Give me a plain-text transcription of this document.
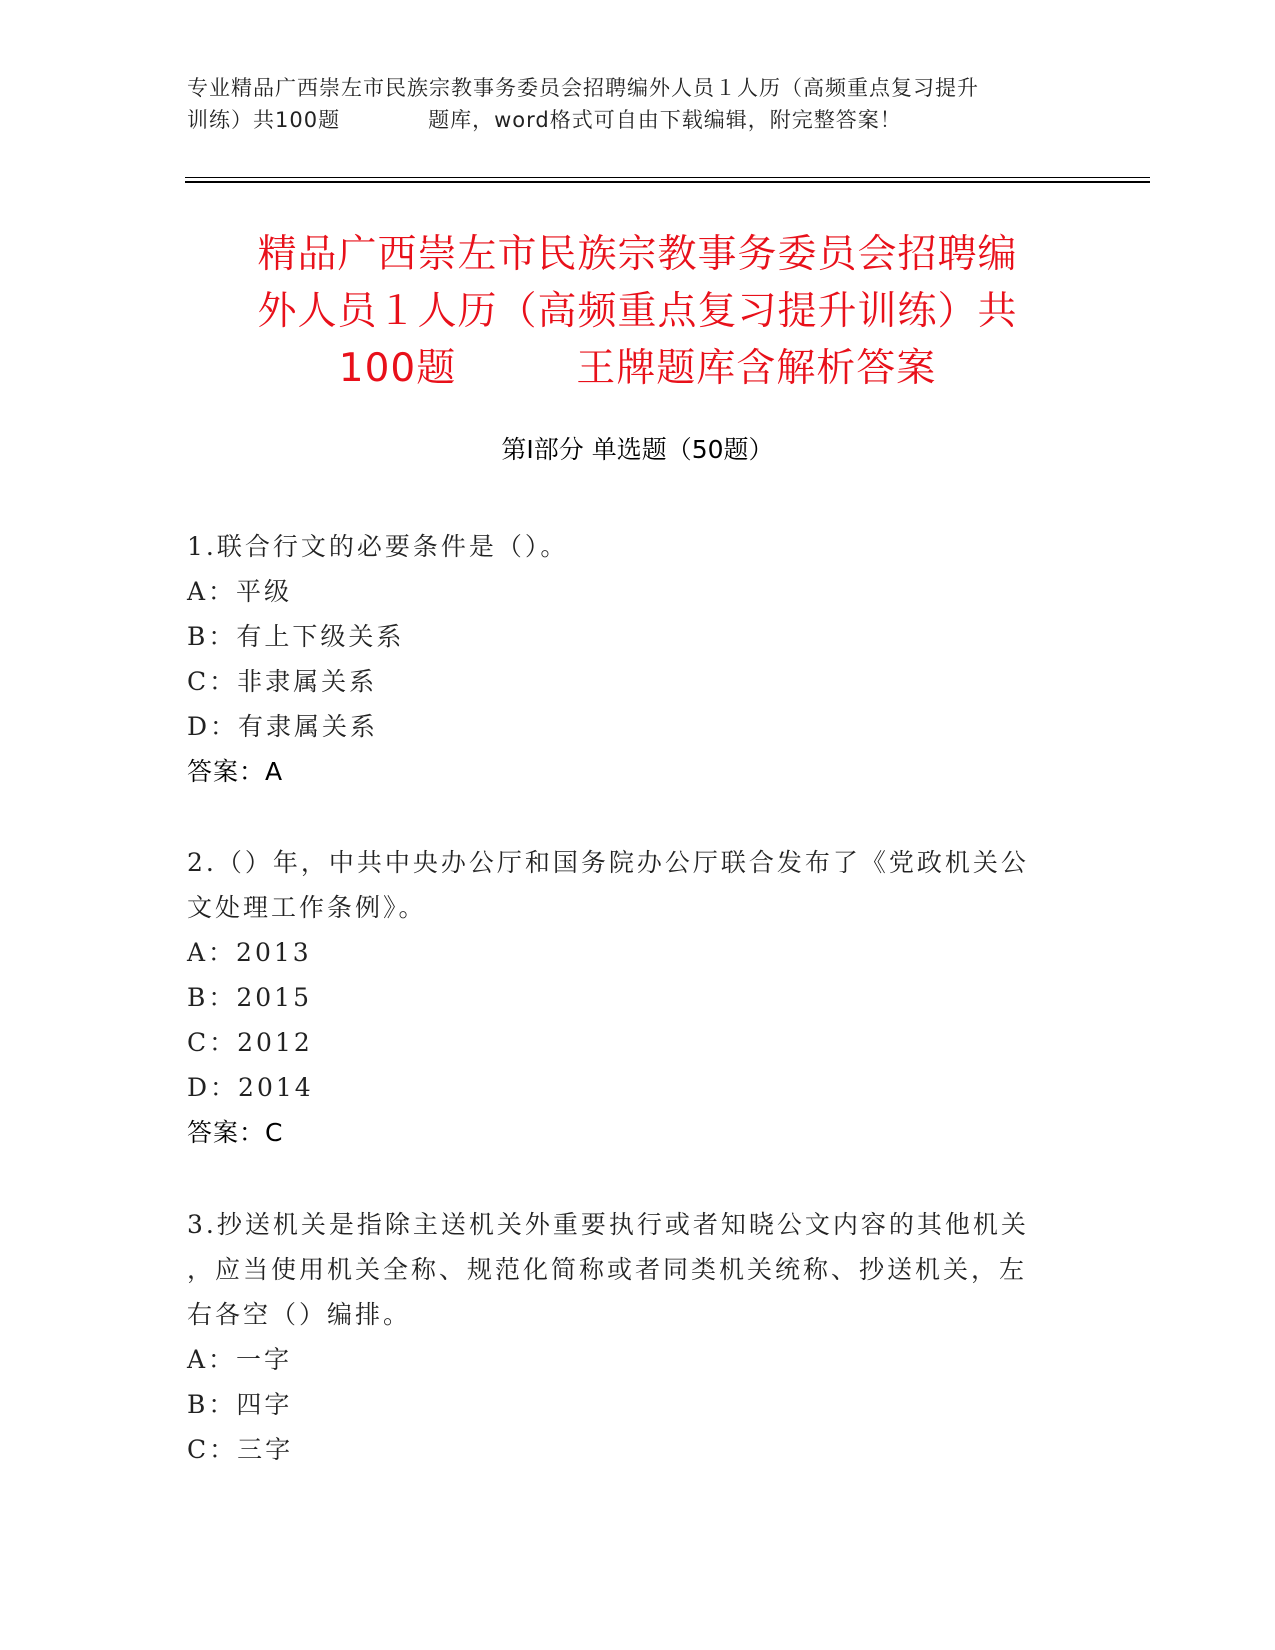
专业精品广西崇左市民族宗教事务委员会招聘编外人员１人历（高频重点复习提升
训练）共100题　　　　题库，word格式可自由下载编辑，附完整答案！
精品广西崇左市民族宗教事务委员会招聘编
外人员１人历（高频重点复习提升训练）共
100题　　　王牌题库含解析答案
第Ⅰ部分 单选题（50题）
1.联合行文的必要条件是（）。
A：平级
B：有上下级关系
C：非隶属关系
D：有隶属关系
答案：A
2.（）年，中共中央办公厅和国务院办公厅联合发布了《党政机关公
文处理工作条例》。
A：2013
B：2015
C：2012
D：2014
答案：C
3.抄送机关是指除主送机关外重要执行或者知晓公文内容的其他机关
，应当使用机关全称、规范化简称或者同类机关统称、抄送机关，左
右各空（）编排。
A：一字
B：四字
C：三字
